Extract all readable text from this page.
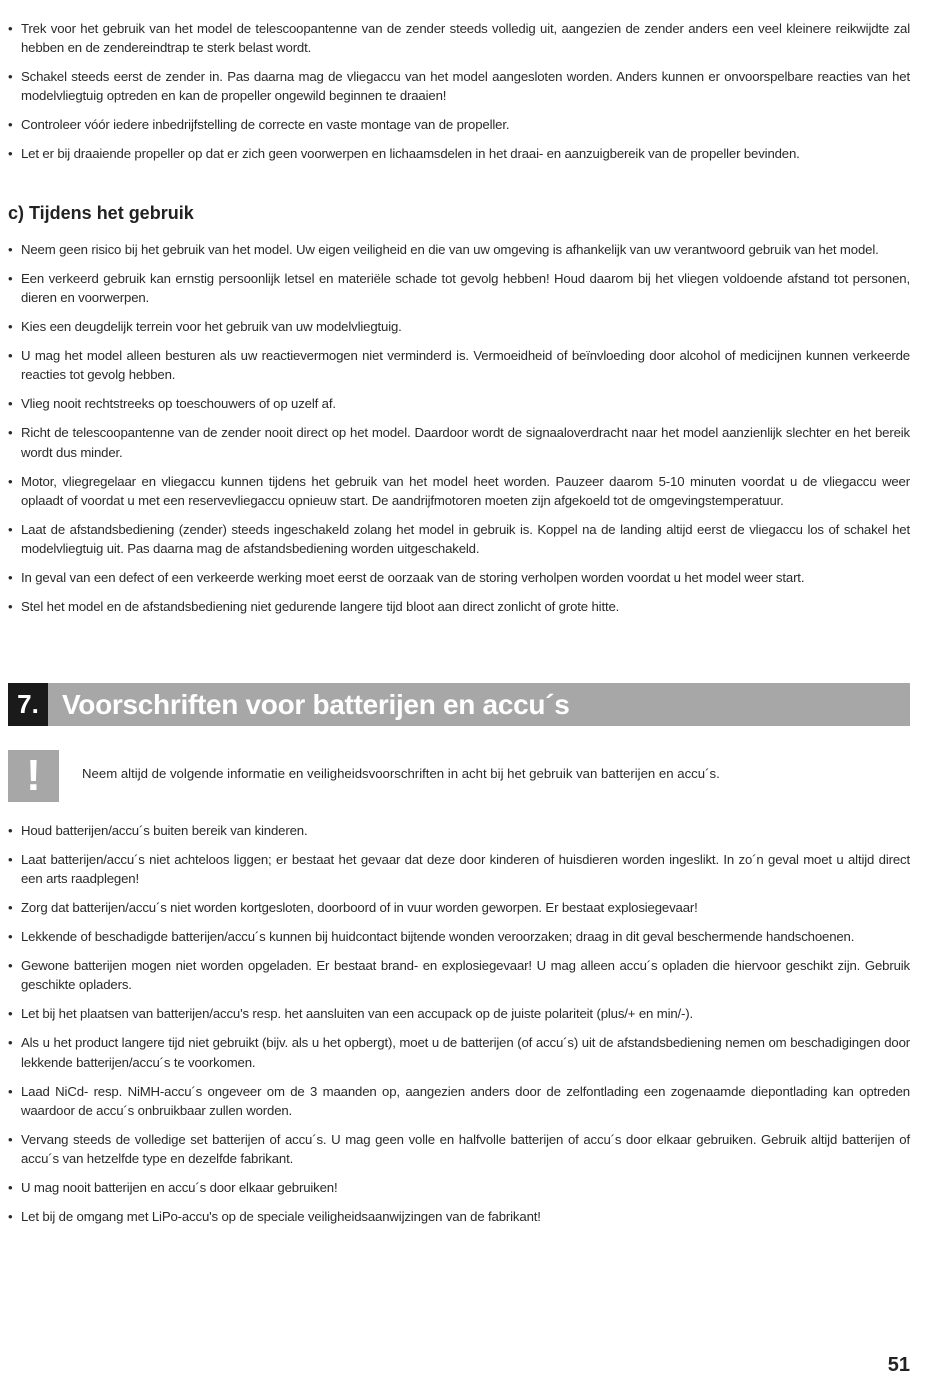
• Trek voor het gebruik van het model de telescoopantenne van de zender steeds volledig uit, aangezien de zender anders een veel kleinere reikwijdte zal hebben en de zendereindtrap te sterk belast wordt.
• Schakel steeds eerst de zender in. Pas daarna mag de vliegaccu van het model aangesloten worden. Anders kunnen er onvoorspelbare reacties van het modelvliegtuig optreden en kan de propeller ongewild beginnen te draaien!
• Controleer vóór iedere inbedrijfstelling de correcte en vaste montage van de propeller.
• Let er bij draaiende propeller op dat er zich geen voorwerpen en lichaamsdelen in het draai- en aanzuigbereik van de propeller bevinden.
c) Tijdens het gebruik
• Neem geen risico bij het gebruik van het model. Uw eigen veiligheid en die van uw omgeving is afhankelijk van uw verantwoord gebruik van het model.
• Een verkeerd gebruik kan ernstig persoonlijk letsel en materiële schade tot gevolg hebben! Houd daarom bij het vliegen voldoende afstand tot personen, dieren en voorwerpen.
• Kies een deugdelijk terrein voor het gebruik van uw modelvliegtuig.
• U mag het model alleen besturen als uw reactievermogen niet verminderd is. Vermoeidheid of beïnvloeding door alcohol of medicijnen kunnen verkeerde reacties tot gevolg hebben.
• Vlieg nooit rechtstreeks op toeschouwers of op uzelf af.
• Richt de telescoopantenne van de zender nooit direct op het model. Daardoor wordt de signaaloverdracht naar het model aanzienlijk slechter en het bereik wordt dus minder.
• Motor, vliegregelaar en vliegaccu kunnen tijdens het gebruik van het model heet worden. Pauzeer daarom 5-10 minuten voordat u de vliegaccu weer oplaadt of voordat u met een reservevliegaccu opnieuw start. De aandrijfmotoren moeten zijn afgekoeld tot de omgevingstemperatuur.
• Laat de afstandsbediening (zender) steeds ingeschakeld zolang het model in gebruik is. Koppel na de landing altijd eerst de vliegaccu los of schakel het modelvliegtuig uit. Pas daarna mag de afstandsbediening worden uitgeschakeld.
• In geval van een defect of een verkeerde werking moet eerst de oorzaak van de storing verholpen worden voordat u het model weer start.
• Stel het model en de afstandsbediening niet gedurende langere tijd bloot aan direct zonlicht of grote hitte.
7. Voorschriften voor batterijen en accu´s
!	Neem altijd de volgende informatie en veiligheidsvoorschriften in acht bij het gebruik van batterijen en accu´s.
• Houd batterijen/accu´s buiten bereik van kinderen.
• Laat batterijen/accu´s niet achteloos liggen; er bestaat het gevaar dat deze door kinderen of huisdieren worden ingeslikt. In zo´n geval moet u altijd direct een arts raadplegen!
• Zorg dat batterijen/accu´s niet worden kortgesloten, doorboord of in vuur worden geworpen. Er bestaat explosiegevaar!
• Lekkende of beschadigde batterijen/accu´s kunnen bij huidcontact bijtende wonden veroorzaken; draag in dit geval beschermende handschoenen.
• Gewone batterijen mogen niet worden opgeladen. Er bestaat brand- en explosiegevaar! U mag alleen accu´s opladen die hiervoor geschikt zijn. Gebruik geschikte opladers.
• Let bij het plaatsen van batterijen/accu's resp. het aansluiten van een accupack op de juiste polariteit (plus/+ en min/-).
• Als u het product langere tijd niet gebruikt (bijv. als u het opbergt), moet u de batterijen (of accu´s) uit de afstandsbediening nemen om beschadigingen door lekkende batterijen/accu´s te voorkomen.
• Laad NiCd- resp. NiMH-accu´s ongeveer om de 3 maanden op, aangezien anders door de zelfontlading een zogenaamde diepontlading kan optreden waardoor de accu´s onbruikbaar zullen worden.
• Vervang steeds de volledige set batterijen of accu´s. U mag geen volle en halfvolle batterijen of accu´s door elkaar gebruiken. Gebruik altijd batterijen of accu´s van hetzelfde type en dezelfde fabrikant.
• U mag nooit batterijen en accu´s door elkaar gebruiken!
• Let bij de omgang met LiPo-accu's op de speciale veiligheidsaanwijzingen van de fabrikant!
51
